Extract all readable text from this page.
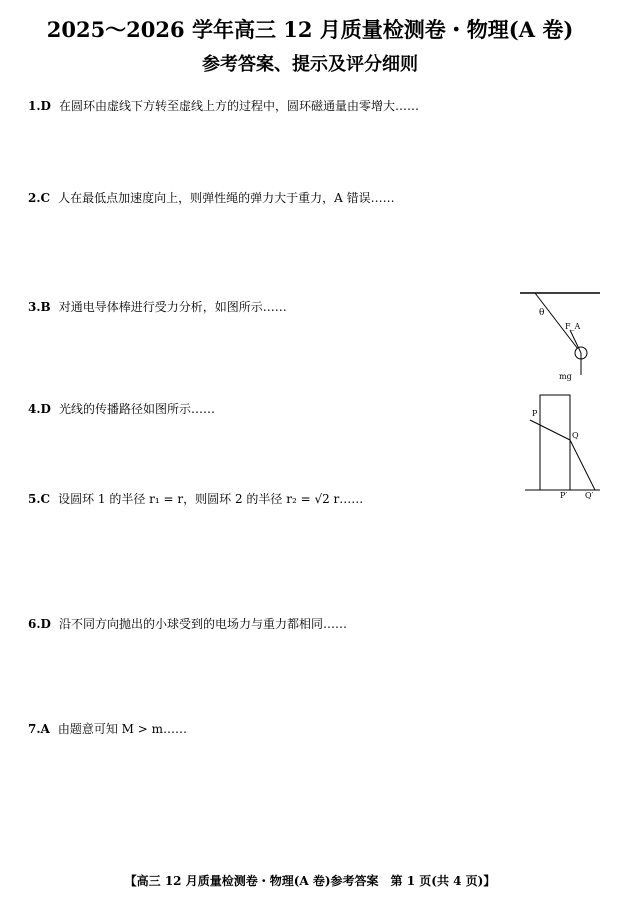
2025～2026 学年高三 12 月质量检测卷・物理(A 卷)
参考答案、提示及评分细则
1.D 在圆环由虚线下方转至虚线上方的过程中，圆环磁通量由零增大……
2.C 人在最低点加速度向上，则弹性绳的弹力大于重力，A 错误……
3.B 对通电导体棒进行受力分析，如图所示……	θ
F_A
mg
4.D 光线的传播路径如图所示……	P
Q
P′ Q′
5.C 设圆环 1 的半径 r₁ = r，则圆环 2 的半径 r₂ = √2 r……
6.D 沿不同方向抛出的小球受到的电场力与重力都相同……
7.A 由题意可知 M > m……
【高三 12 月质量检测卷・物理(A 卷)参考答案　第 1 页(共 4 页)】
